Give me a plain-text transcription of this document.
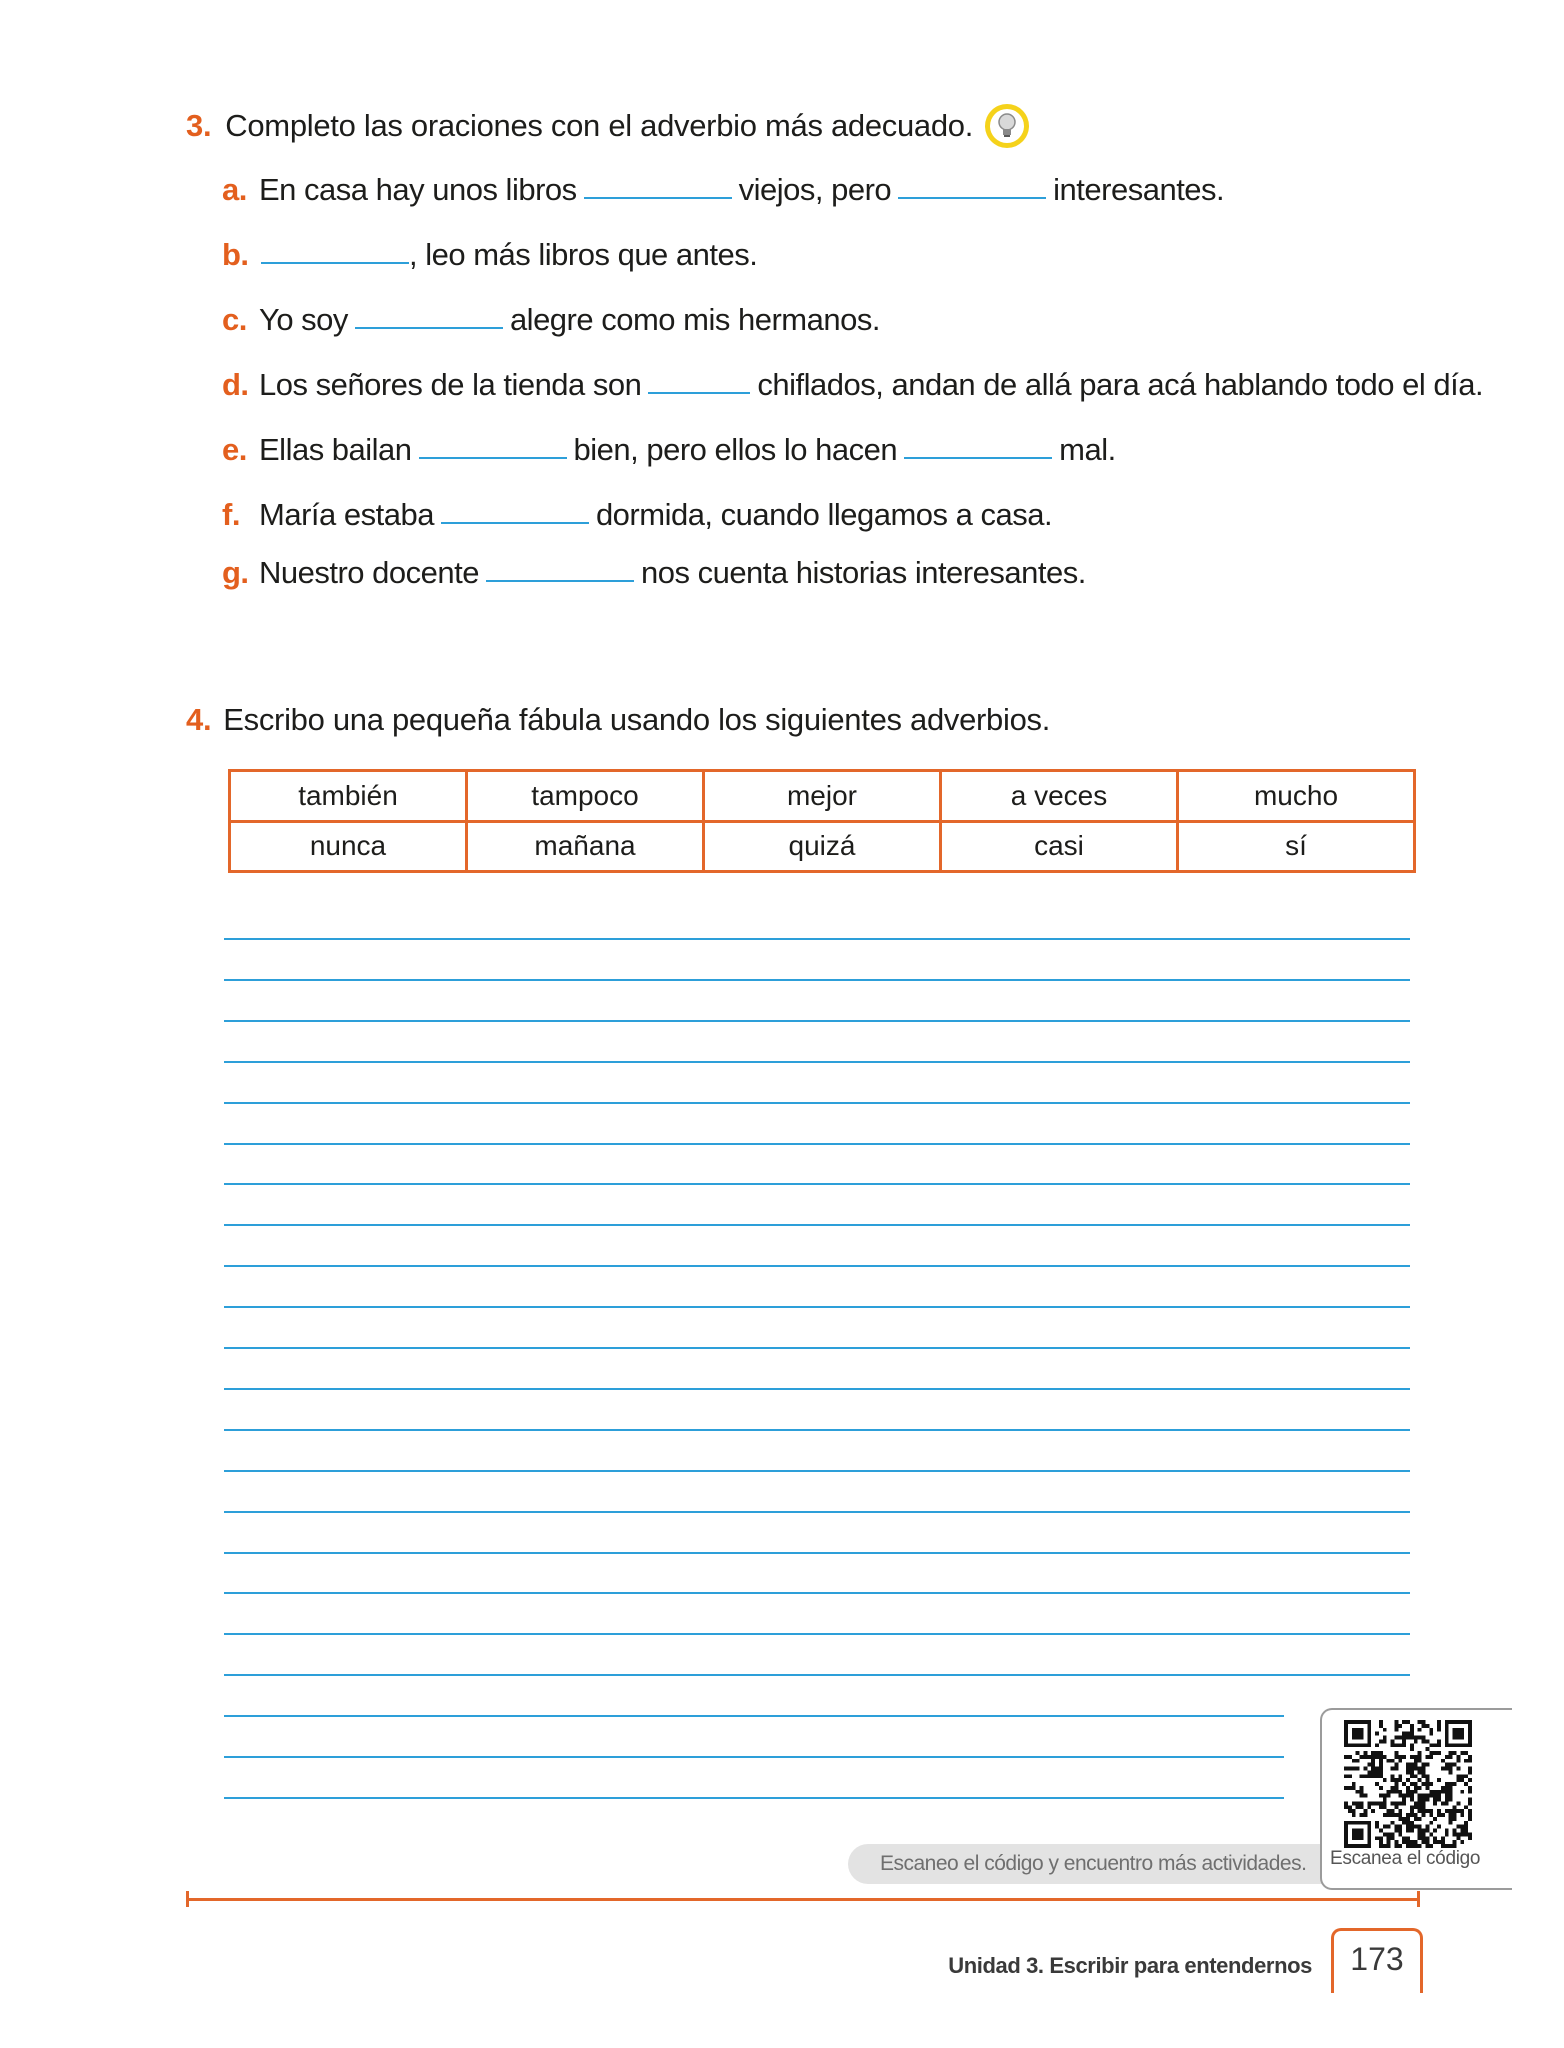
3. Completo las oraciones con el adverbio más adecuado.
a. En casa hay unos libros	viejos, pero	interesantes.
b.	, leo más libros que antes.
c. Yo soy	alegre como mis hermanos.
d. Los señores de la tienda son	chiflados, andan de allá para acá hablando todo el día.
e. Ellas bailan	bien, pero ellos lo hacen	mal.
f. María estaba	dormida, cuando llegamos a casa.
g. Nuestro docente	nos cuenta historias interesantes.
4. Escribo una pequeña fábula usando los siguientes adverbios.
también	tampoco	mejor	a veces	mucho
nunca	mañana	quizá	casi	sí
Escaneo el código y encuentro más actividades.	Escanea el código
Unidad 3. Escribir para entendernos	173
